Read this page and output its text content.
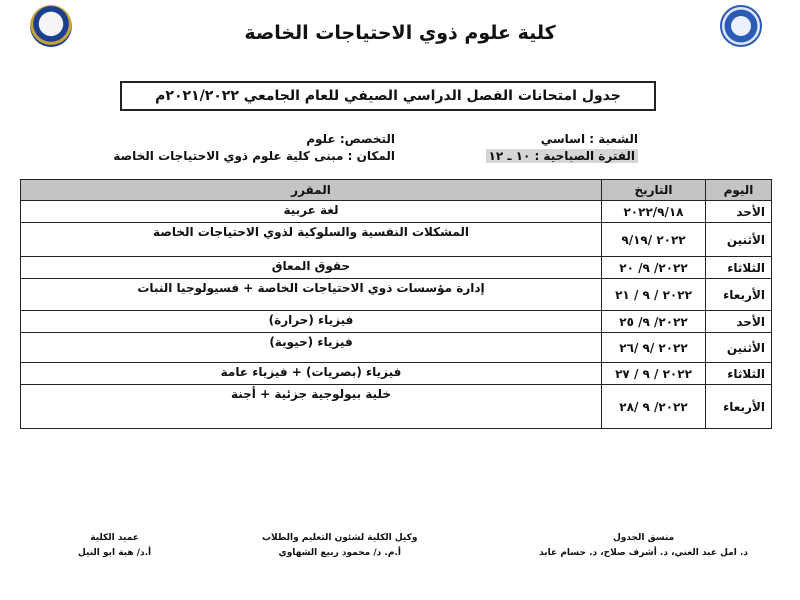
كلية علوم ذوي الاحتياجات الخاصة
جدول امتحانات الفصل الدراسي الصيفي للعام الجامعي ٢٠٢١/٢٠٢٢م
الشعبة : اساسي
الفترة الصباحية : ١٠ ـ ١٢
التخصص: علوم
المكان : مبنى كلية علوم ذوي الاحتياجات الخاصة
اليوم	التاريخ	المقرر
الأحد	٢٠٢٢/٩/١٨	لغة عربية
الأثنين	٢٠٢٢ /٩/١٩	المشكلات النفسية والسلوكية لذوي الاحتياجات الخاصة
الثلاثاء	٢٠٢٢/ ٩/ ٢٠	حقوق المعاق
الأربعاء	٢٠٢٢ / ٩ / ٢١	إدارة مؤسسات ذوي الاحتياجات الخاصة + فسيولوجيا النبات
الأحد	٢٠٢٢/ ٩/ ٢٥	فيزياء (حرارة)
الأثنين	٢٠٢٢ /٩ /٢٦	فيزياء (حيوية)
الثلاثاء	٢٠٢٢ / ٩ / ٢٧	فيزياء (بصريات) + فيزياء عامة
الأربعاء	٢٠٢٢/ ٩ /٢٨	خلية بيولوجية جزئية + أجنة
منسق الجدول
د. امل عبد الغني، د. أشرف صلاح، د. حسام عابد
وكيل الكلية لشئون التعليم والطلاب
أ.م. د/ محمود ربيع الشهاوي
عميد الكلية
أ.د/ هبة ابو النيل
